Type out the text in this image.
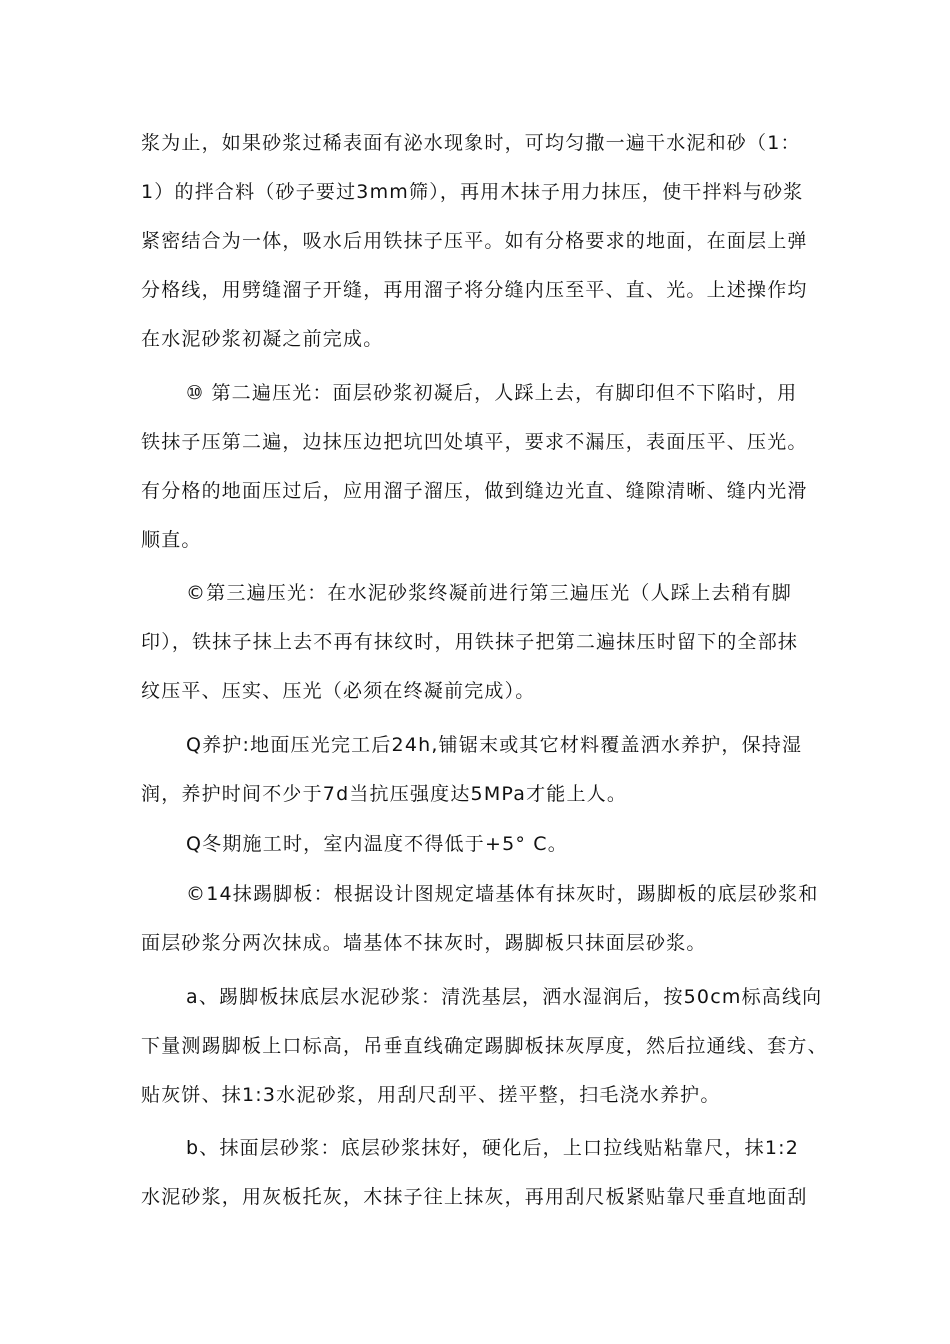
浆为止，如果砂浆过稀表面有泌水现象时，可均匀撒一遍干水泥和砂（1：

1）的拌合料（砂子要过3mm筛），再用木抹子用力抹压，使干拌料与砂浆

紧密结合为一体，吸水后用铁抹子压平。如有分格要求的地面，在面层上弹

分格线，用劈缝溜子开缝，再用溜子将分缝内压至平、直、光。上述操作均

在水泥砂浆初凝之前完成。

⑩ 第二遍压光：面层砂浆初凝后，人踩上去，有脚印但不下陷时，用

铁抹子压第二遍，边抹压边把坑凹处填平，要求不漏压，表面压平、压光。

有分格的地面压过后，应用溜子溜压，做到缝边光直、缝隙清晰、缝内光滑

顺直。

©第三遍压光：在水泥砂浆终凝前进行第三遍压光（人踩上去稍有脚

印），铁抹子抹上去不再有抹纹时，用铁抹子把第二遍抹压时留下的全部抹

纹压平、压实、压光（必须在终凝前完成）。

Q养护:地面压光完工后24h,铺锯末或其它材料覆盖洒水养护，保持湿

润，养护时间不少于7d当抗压强度达5MPa才能上人。

Q冬期施工时，室内温度不得低于+5° C。

©14抹踢脚板：根据设计图规定墙基体有抹灰时，踢脚板的底层砂浆和

面层砂浆分两次抹成。墙基体不抹灰时，踢脚板只抹面层砂浆。

a、踢脚板抹底层水泥砂浆：清洗基层，洒水湿润后，按50cm标高线向

下量测踢脚板上口标高，吊垂直线确定踢脚板抹灰厚度，然后拉通线、套方、

贴灰饼、抹1:3水泥砂浆，用刮尺刮平、搓平整，扫毛浇水养护。

b、抹面层砂浆：底层砂浆抹好，硬化后，上口拉线贴粘靠尺，抹1:2

水泥砂浆，用灰板托灰，木抹子往上抹灰，再用刮尺板紧贴靠尺垂直地面刮
